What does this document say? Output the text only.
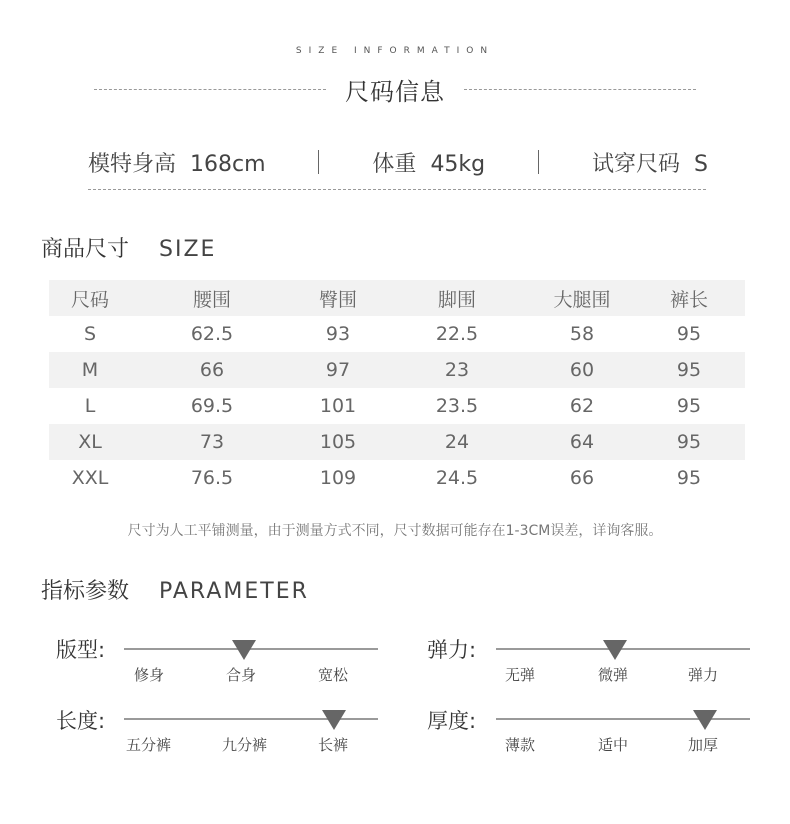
SIZE INFORMATION
尺码信息
模特身高 168cm	体重 45kg	试穿尺码 S
商品尺寸 SIZE
尺码	腰围	臀围	脚围	大腿围	裤长
S	62.5	93	22.5	58	95
M	66	97	23	60	95
L	69.5	101	23.5	62	95
XL	73	105	24	64	95
XXL	76.5	109	24.5	66	95
尺寸为人工平铺测量，由于测量方式不同，尺寸数据可能存在1-3CM误差，详询客服。
指标参数 PARAMETER
版型:
修身	合身	宽松
弹力:
无弹	微弹	弹力
长度:
五分裤	九分裤	长裤
厚度:
薄款	适中	加厚
